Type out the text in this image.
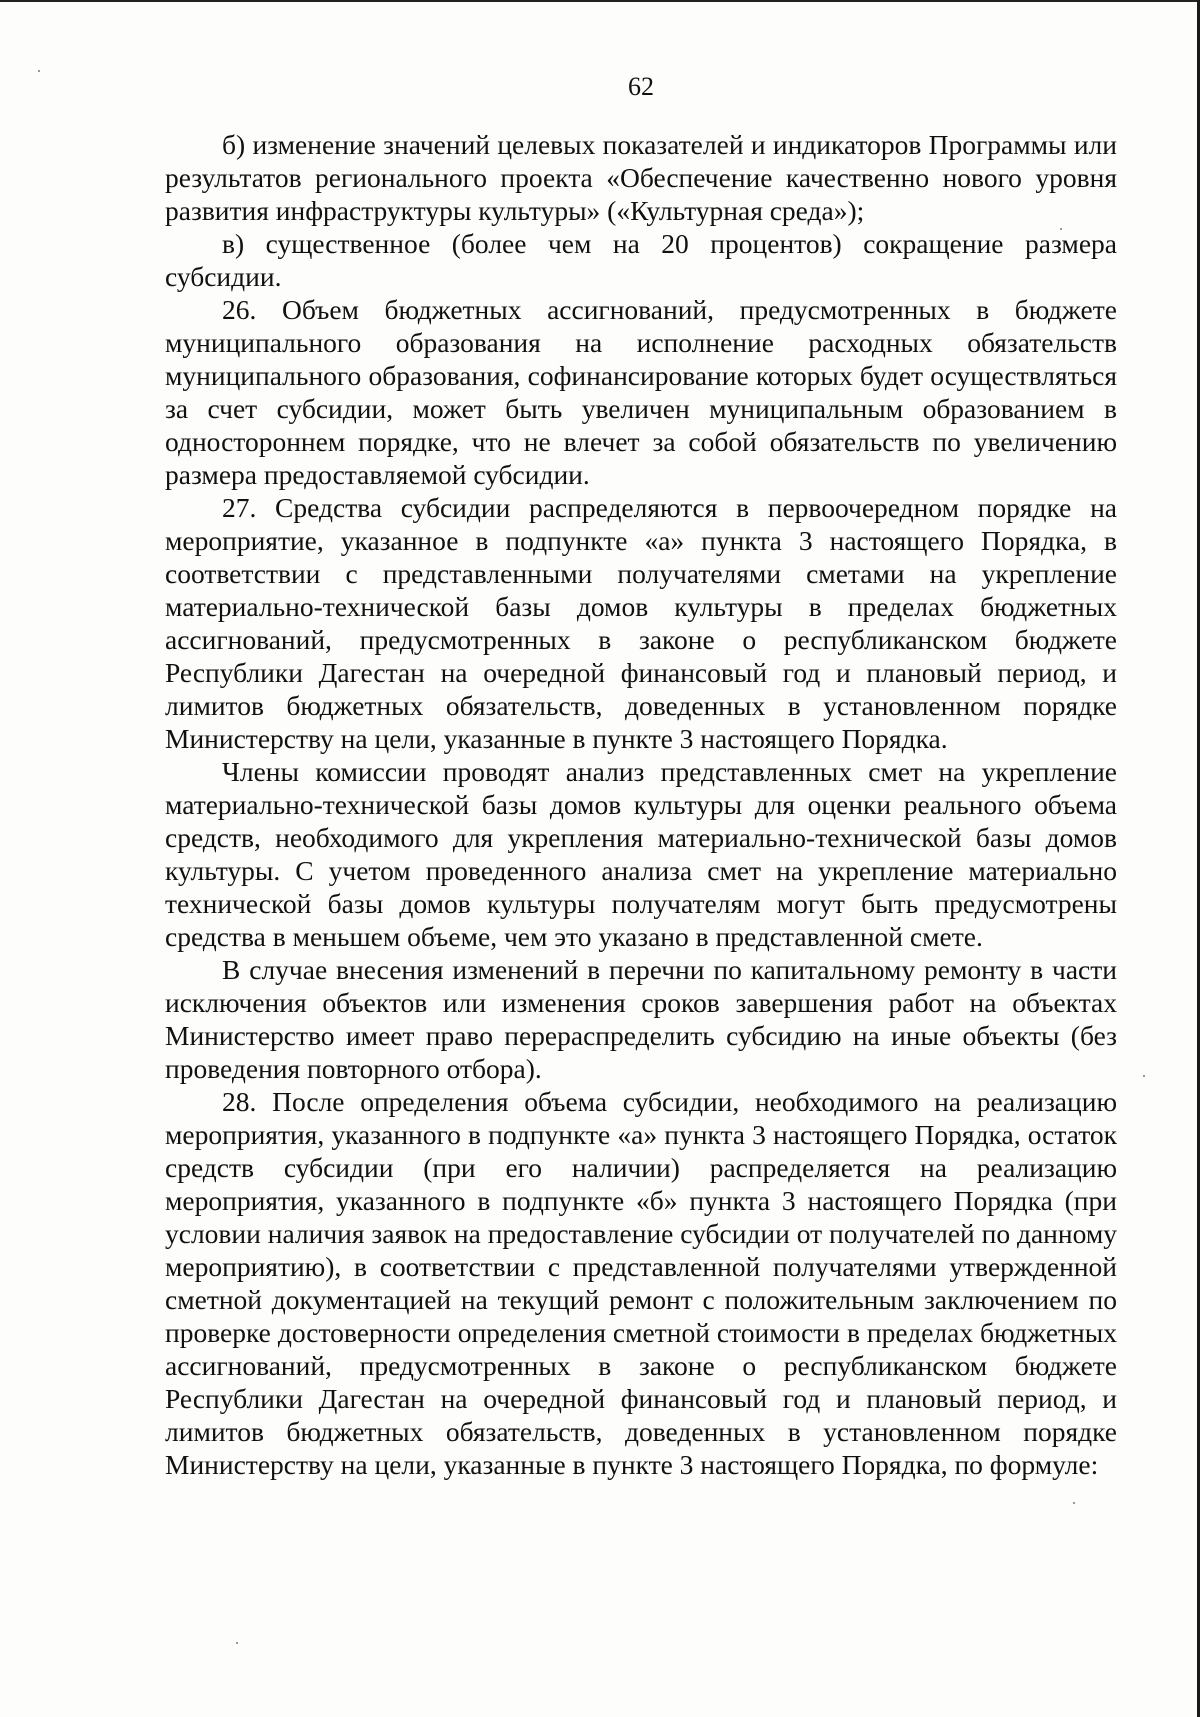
62

б) изменение значений целевых показателей и индикаторов Программы или результатов регионального проекта «Обеспечение качественно нового уровня развития инфраструктуры культуры» («Культурная среда»);

в) существенное (более чем на 20 процентов) сокращение размера субсидии.

26. Объем бюджетных ассигнований, предусмотренных в бюджете муниципального образования на исполнение расходных обязательств муниципального образования, софинансирование которых будет осуществляться за счет субсидии, может быть увеличен муниципальным образованием в одностороннем порядке, что не влечет за собой обязательств по увеличению размера предоставляемой субсидии.

27. Средства субсидии распределяются в первоочередном порядке на мероприятие, указанное в подпункте «а» пункта 3 настоящего Порядка, в соответствии с представленными получателями сметами на укрепление материально-технической базы домов культуры в пределах бюджетных ассигнований, предусмотренных в законе о республиканском бюджете Республики Дагестан на очередной финансовый год и плановый период, и лимитов бюджетных обязательств, доведенных в установленном порядке Министерству на цели, указанные в пункте 3 настоящего Порядка.

Члены комиссии проводят анализ представленных смет на укрепление материально-технической базы домов культуры для оценки реального объема средств, необходимого для укрепления материально-технической базы домов культуры. С учетом проведенного анализа смет на укрепление материально технической базы домов культуры получателям могут быть предусмотрены средства в меньшем объеме, чем это указано в представленной смете.

В случае внесения изменений в перечни по капитальному ремонту в части исключения объектов или изменения сроков завершения работ на объектах Министерство имеет право перераспределить субсидию на иные объекты (без проведения повторного отбора).

28. После определения объема субсидии, необходимого на реализацию мероприятия, указанного в подпункте «а» пункта 3 настоящего Порядка, остаток средств субсидии (при его наличии) распределяется на реализацию мероприятия, указанного в подпункте «б» пункта 3 настоящего Порядка (при условии наличия заявок на предоставление субсидии от получателей по данному мероприятию), в соответствии с представленной получателями утвержденной сметной документацией на текущий ремонт с положительным заключением по проверке достоверности определения сметной стоимости в пределах бюджетных ассигнований, предусмотренных в законе о республиканском бюджете Республики Дагестан на очередной финансовый год и плановый период, и лимитов бюджетных обязательств, доведенных в установленном порядке Министерству на цели, указанные в пункте 3 настоящего Порядка, по формуле:
